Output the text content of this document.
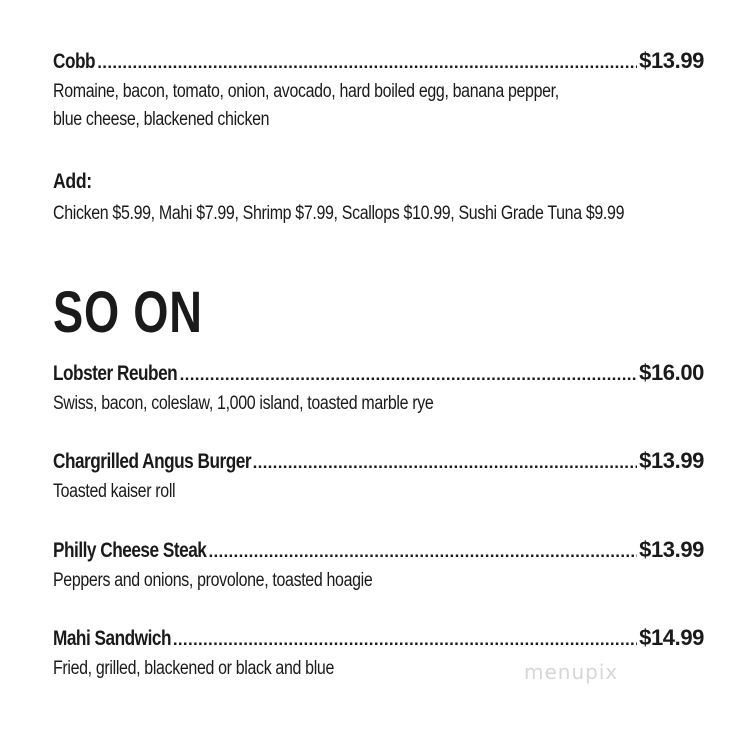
Cobb .....	$13.99
Romaine, bacon, tomato, onion, avocado, hard boiled egg, banana pepper, blue cheese, blackened chicken
Add:
Chicken $5.99, Mahi $7.99, Shrimp $7.99, Scallops $10.99, Sushi Grade Tuna $9.99
SO ON
Lobster Reuben .....	$16.00
Swiss, bacon, coleslaw, 1,000 island, toasted marble rye
Chargrilled Angus Burger .....	$13.99
Toasted kaiser roll
Philly Cheese Steak .....	$13.99
Peppers and onions, provolone, toasted hoagie
Mahi Sandwich .....	$14.99
Fried, grilled, blackened or black and blue	menupix
